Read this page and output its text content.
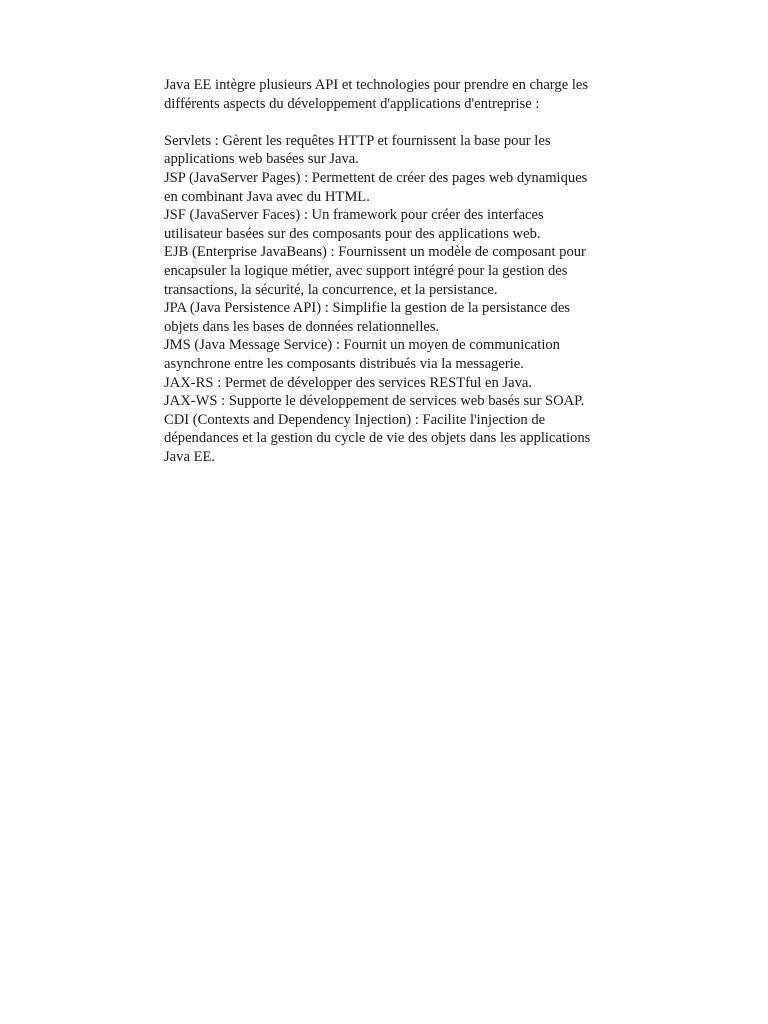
Java EE intègre plusieurs API et technologies pour prendre en charge les
différents aspects du développement d'applications d'entreprise :
Servlets : Gèrent les requêtes HTTP et fournissent la base pour les
applications web basées sur Java.
JSP (JavaServer Pages) : Permettent de créer des pages web dynamiques
en combinant Java avec du HTML.
JSF (JavaServer Faces) : Un framework pour créer des interfaces
utilisateur basées sur des composants pour des applications web.
EJB (Enterprise JavaBeans) : Fournissent un modèle de composant pour
encapsuler la logique métier, avec support intégré pour la gestion des
transactions, la sécurité, la concurrence, et la persistance.
JPA (Java Persistence API) : Simplifie la gestion de la persistance des
objets dans les bases de données relationnelles.
JMS (Java Message Service) : Fournit un moyen de communication
asynchrone entre les composants distribués via la messagerie.
JAX-RS : Permet de développer des services RESTful en Java.
JAX-WS : Supporte le développement de services web basés sur SOAP.
CDI (Contexts and Dependency Injection) : Facilite l'injection de
dépendances et la gestion du cycle de vie des objets dans les applications
Java EE.
